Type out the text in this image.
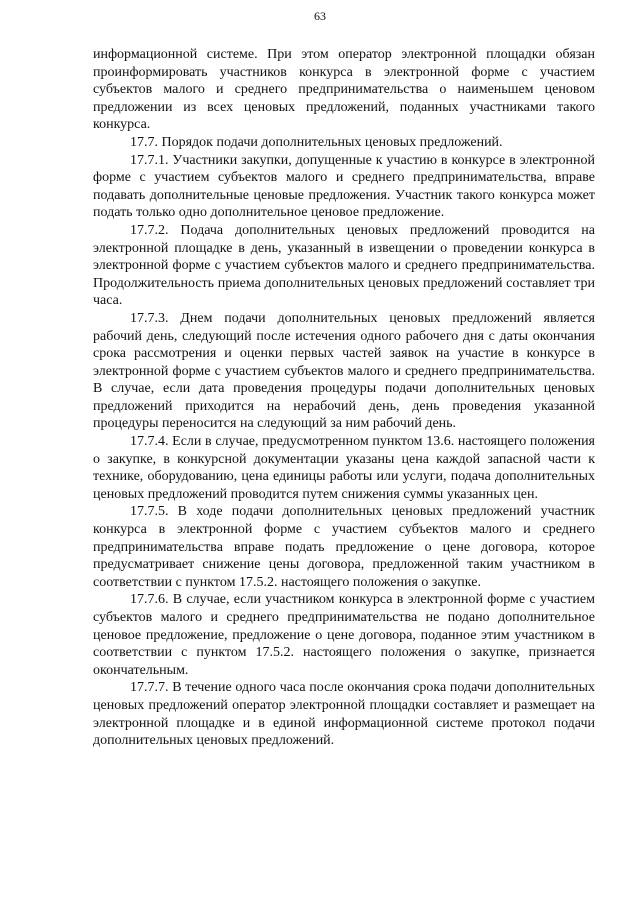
63

информационной системе. При этом оператор электронной площадки обязан проинформировать участников конкурса в электронной форме с участием субъектов малого и среднего предпринимательства о наименьшем ценовом предложении из всех ценовых предложений, поданных участниками такого конкурса.

17.7. Порядок подачи дополнительных ценовых предложений.

17.7.1. Участники закупки, допущенные к участию в конкурсе в электронной форме с участием субъектов малого и среднего предпринимательства, вправе подавать дополнительные ценовые предложения. Участник такого конкурса может подать только одно дополнительное ценовое предложение.

17.7.2. Подача дополнительных ценовых предложений проводится на электронной площадке в день, указанный в извещении о проведении конкурса в электронной форме с участием субъектов малого и среднего предпринимательства. Продолжительность приема дополнительных ценовых предложений составляет три часа.

17.7.3. Днем подачи дополнительных ценовых предложений является рабочий день, следующий после истечения одного рабочего дня с даты окончания срока рассмотрения и оценки первых частей заявок на участие в конкурсе в электронной форме с участием субъектов малого и среднего предпринимательства. В случае, если дата проведения процедуры подачи дополнительных ценовых предложений приходится на нерабочий день, день проведения указанной процедуры переносится на следующий за ним рабочий день.

17.7.4. Если в случае, предусмотренном пунктом 13.6. настоящего положения о закупке, в конкурсной документации указаны цена каждой запасной части к технике, оборудованию, цена единицы работы или услуги, подача дополнительных ценовых предложений проводится путем снижения суммы указанных цен.

17.7.5. В ходе подачи дополнительных ценовых предложений участник конкурса в электронной форме с участием субъектов малого и среднего предпринимательства вправе подать предложение о цене договора, которое предусматривает снижение цены договора, предложенной таким участником в соответствии с пунктом 17.5.2. настоящего положения о закупке.

17.7.6. В случае, если участником конкурса в электронной форме с участием субъектов малого и среднего предпринимательства не подано дополнительное ценовое предложение, предложение о цене договора, поданное этим участником в соответствии с пунктом 17.5.2. настоящего положения о закупке, признается окончательным.

17.7.7. В течение одного часа после окончания срока подачи дополнительных ценовых предложений оператор электронной площадки составляет и размещает на электронной площадке и в единой информационной системе протокол подачи дополнительных ценовых предложений.
